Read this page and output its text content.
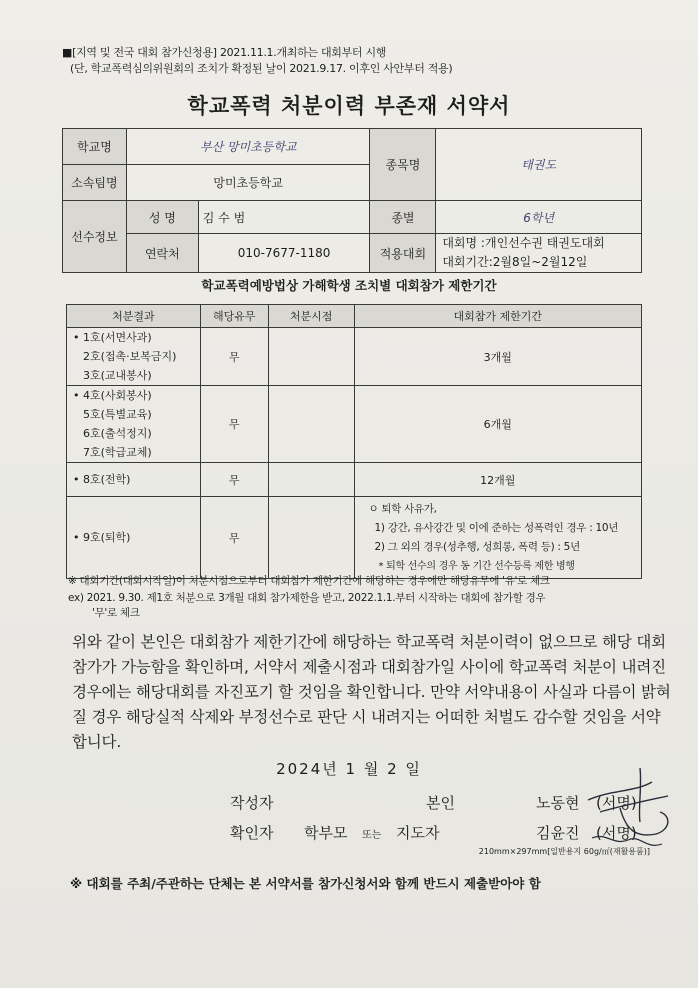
■[지역 및 전국 대회 참가신청용] 2021.11.1.개최하는 대회부터 시행
(단, 학교폭력심의위원회의 조치가 확정된 날이 2021.9.17. 이후인 사안부터 적용)
학교폭력 처분이력 부존재 서약서
학교명	부산 망미초등학교		종목명	태권도
소속팀명	망미초등학교			
선수정보	성 명	김 수 범	종별	6학년
	연락처	010-7677-1180	적용대회	대회명 :개인선수권 태권도대회
대회기간:2월8일~2월12일
학교폭력예방법상 가해학생 조치별 대회참가 제한기간
처분결과	해당유무	처분시점	대회참가 제한기간

• 1호(서면사과)
2호(접촉·보복금지)
3호(교내봉사)	무		3개월

• 4호(사회봉사)
5호(특별교육)
6호(출석정지)
7호(학급교체)	무		6개월

• 8호(전학)	무		12개월

• 9호(퇴학)	무		ㅇ 퇴학 사유가,
1) 강간, 유사강간 및 이에 준하는 성폭력인 경우 : 10년
2) 그 외의 경우(성추행, 성희롱, 폭력 등) : 5년
* 퇴학 선수의 경우 동 기간 선수등록 제한 병행
※ 대회기간(대회시작일)이 처분시점으로부터 대회참가 제한기간에 해당하는 경우에만 해당유무에 '유'로 체크
ex) 2021. 9.30. 제1호 처분으로 3개월 대회 참가제한을 받고, 2022.1.1.부터 시작하는 대회에 참가할 경우
'무'로 체크
위와 같이 본인은 대회참가 제한기간에 해당하는 학교폭력 처분이력이 없으므로 해당 대회 참가가 가능함을 확인하며, 서약서 제출시점과 대회참가일 사이에 학교폭력 처분이 내려진 경우에는 해당대회를 자진포기 할 것임을 확인합니다. 만약 서약내용이 사실과 다름이 밝혀질 경우 해당실적 삭제와 부정선수로 판단 시 내려지는 어떠한 처벌도 감수할 것임을 서약합니다.
2024년 1 월 2 일
작성자	본인	노동현 (서명)
확인자 학부모 또는 지도자	김윤진 (서명)
210mm×297mm[일반용지 60g/㎡(재활용품)]
※ 대회를 주최/주관하는 단체는 본 서약서를 참가신청서와 함께 반드시 제출받아야 함
